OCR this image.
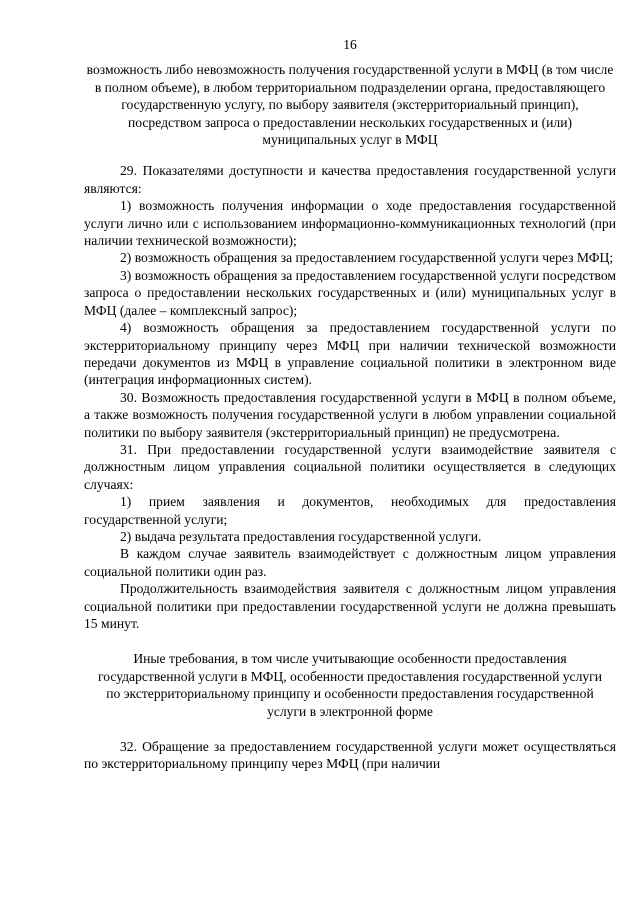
16
возможность либо невозможность получения государственной услуги в МФЦ (в том числе в полном объеме), в любом территориальном подразделении органа, предоставляющего государственную услугу, по выбору заявителя (экстерриториальный принцип), посредством запроса о предоставлении нескольких государственных и (или) муниципальных услуг в МФЦ

29. Показателями доступности и качества предоставления государственной услуги являются:

1) возможность получения информации о ходе предоставления государственной услуги лично или с использованием информационно-коммуникационных технологий (при наличии технической возможности);

2) возможность обращения за предоставлением государственной услуги через МФЦ;

3) возможность обращения за предоставлением государственной услуги посредством запроса о предоставлении нескольких государственных и (или) муниципальных услуг в МФЦ (далее – комплексный запрос);

4) возможность обращения за предоставлением государственной услуги по экстерриториальному принципу через МФЦ при наличии технической возможности передачи документов из МФЦ в управление социальной политики в электронном виде (интеграция информационных систем).

30. Возможность предоставления государственной услуги в МФЦ в полном объеме, а также возможность получения государственной услуги в любом управлении социальной политики по выбору заявителя (экстерриториальный принцип) не предусмотрена.

31. При предоставлении государственной услуги взаимодействие заявителя с должностным лицом управления социальной политики осуществляется в следующих случаях:

1) прием заявления и документов, необходимых для предоставления государственной услуги;

2) выдача результата предоставления государственной услуги.

В каждом случае заявитель взаимодействует с должностным лицом управления социальной политики один раз.

Продолжительность взаимодействия заявителя с должностным лицом управления социальной политики при предоставлении государственной услуги не должна превышать 15 минут.

Иные требования, в том числе учитывающие особенности предоставления государственной услуги в МФЦ, особенности предоставления государственной услуги по экстерриториальному принципу и особенности предоставления государственной услуги в электронной форме

32. Обращение за предоставлением государственной услуги может осуществляться по экстерриториальному принципу через МФЦ (при наличии
